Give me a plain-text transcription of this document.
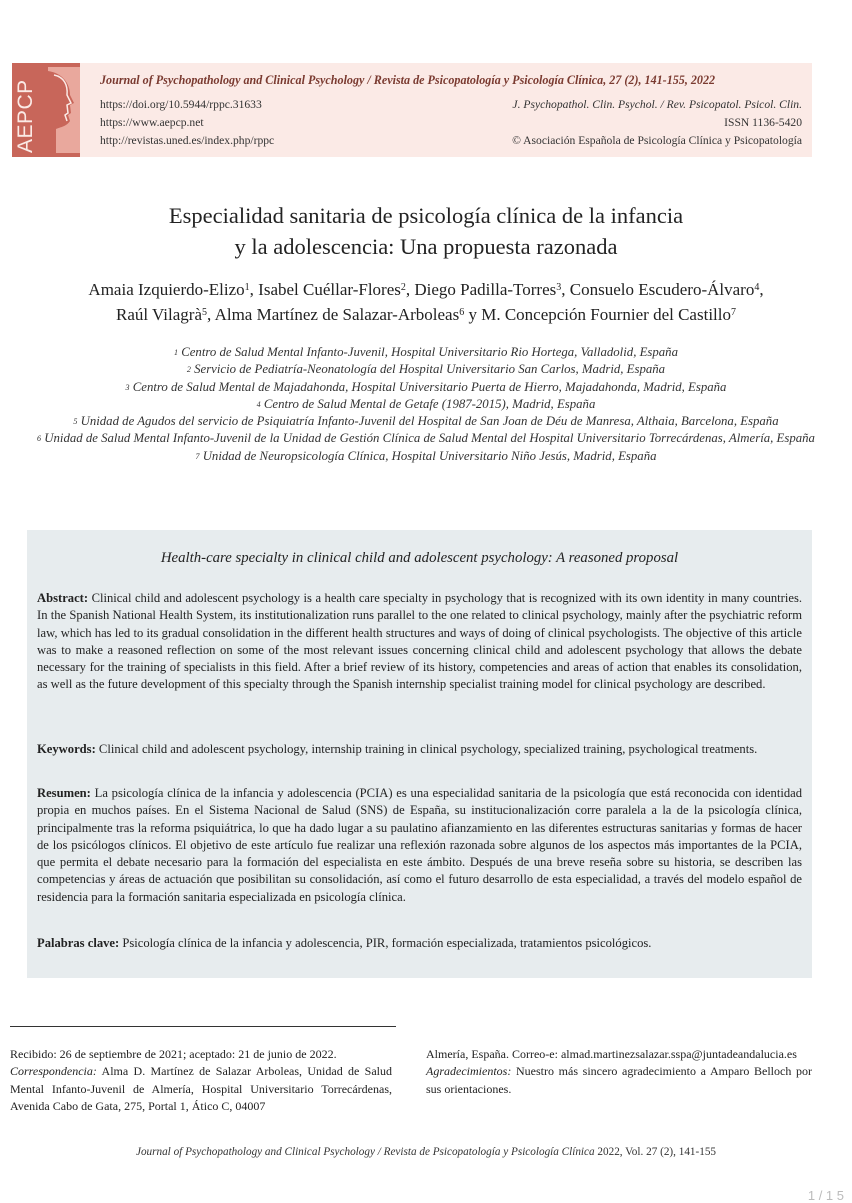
AEPCP	Journal of Psychopathology and Clinical Psychology / Revista de Psicopatología y Psicología Clínica, 27 (2), 141-155, 2022
https://doi.org/10.5944/rppc.31633
https://www.aepcp.net
http://revistas.uned.es/index.php/rppc
J. Psychopathol. Clin. Psychol. / Rev. Psicopatol. Psicol. Clin.
ISSN 1136-5420
© Asociación Española de Psicología Clínica y Psicopatología
Especialidad sanitaria de psicología clínica de la infancia
y la adolescencia: Una propuesta razonada
Amaia Izquierdo-Elizo$^1$, Isabel Cuéllar-Flores$^2$, Diego Padilla-Torres$^3$, Consuelo Escudero-Álvaro$^4$,
Raúl Vilagrà$^5$, Alma Martínez de Salazar-Arboleas$^6$ y M. Concepción Fournier del Castillo$^7$

$^1$ Centro de Salud Mental Infanto-Juvenil, Hospital Universitario Rio Hortega, Valladolid, España

$^2$ Servicio de Pediatría-Neonatología del Hospital Universitario San Carlos, Madrid, España

$^3$ Centro de Salud Mental de Majadahonda, Hospital Universitario Puerta de Hierro, Majadahonda, Madrid, España

$^4$ Centro de Salud Mental de Getafe (1987-2015), Madrid, España

$^5$ Unidad de Agudos del servicio de Psiquiatría Infanto-Juvenil del Hospital de San Joan de Déu de Manresa, Althaia, Barcelona, España

$^6$ Unidad de Salud Mental Infanto-Juvenil de la Unidad de Gestión Clínica de Salud Mental del Hospital Universitario Torrecárdenas, Almería, España

$^7$ Unidad de Neuropsicología Clínica, Hospital Universitario Niño Jesús, Madrid, España

Health-care specialty in clinical child and adolescent psychology: A reasoned proposal

Abstract: Clinical child and adolescent psychology is a health care specialty in psychology that is recognized with its own identity in many countries. In the Spanish National Health System, its institutionalization runs parallel to the one related to clinical psychology, mainly after the psychiatric reform law, which has led to its gradual consolidation in the different health structures and ways of doing of clinical psychologists. The objective of this article was to make a reasoned reflection on some of the most relevant issues concerning clinical child and adolescent psychology that allows the debate necessary for the training of specialists in this field. After a brief review of its history, competencies and areas of action that enables its consolidation, as well as the future development of this specialty through the Spanish internship specialist training model for clinical psychology are described.

Keywords: Clinical child and adolescent psychology, internship training in clinical psychology, specialized training, psychological treatments.

Resumen: La psicología clínica de la infancia y adolescencia (PCIA) es una especialidad sanitaria de la psicología que está reconocida con identidad propia en muchos países. En el Sistema Nacional de Salud (SNS) de España, su institucionalización corre paralela a la de la psicología clínica, principalmente tras la reforma psiquiátrica, lo que ha dado lugar a su paulatino afianzamiento en las diferentes estructuras sanitarias y formas de hacer de los psicólogos clínicos. El objetivo de este artículo fue realizar una reflexión razonada sobre algunos de los aspectos más importantes de la PCIA, que permita el debate necesario para la formación del especialista en este ámbito. Después de una breve reseña sobre su historia, se describen las competencias y áreas de actuación que posibilitan su consolidación, así como el futuro desarrollo de esta especialidad, a través del modelo español de residencia para la formación sanitaria especializada en psicología clínica.

Palabras clave: Psicología clínica de la infancia y adolescencia, PIR, formación especializada, tratamientos psicológicos.

Recibido: 26 de septiembre de 2021; aceptado: 21 de junio de 2022.
Correspondencia: Alma D. Martínez de Salazar Arboleas, Unidad de Salud Mental Infanto-Juvenil de Almería, Hospital Universitario Torrecárdenas, Avenida Cabo de Gata, 275, Portal 1, Ático C, 04007

Almería, España. Correo-e: almad.martinezsalazar.sspa@juntadeandalucia.es
Agradecimientos: Nuestro más sincero agradecimiento a Amparo Belloch por sus orientaciones.

Journal of Psychopathology and Clinical Psychology / Revista de Psicopatología y Psicología Clínica 2022, Vol. 27 (2), 141-155
1 / 1 5
